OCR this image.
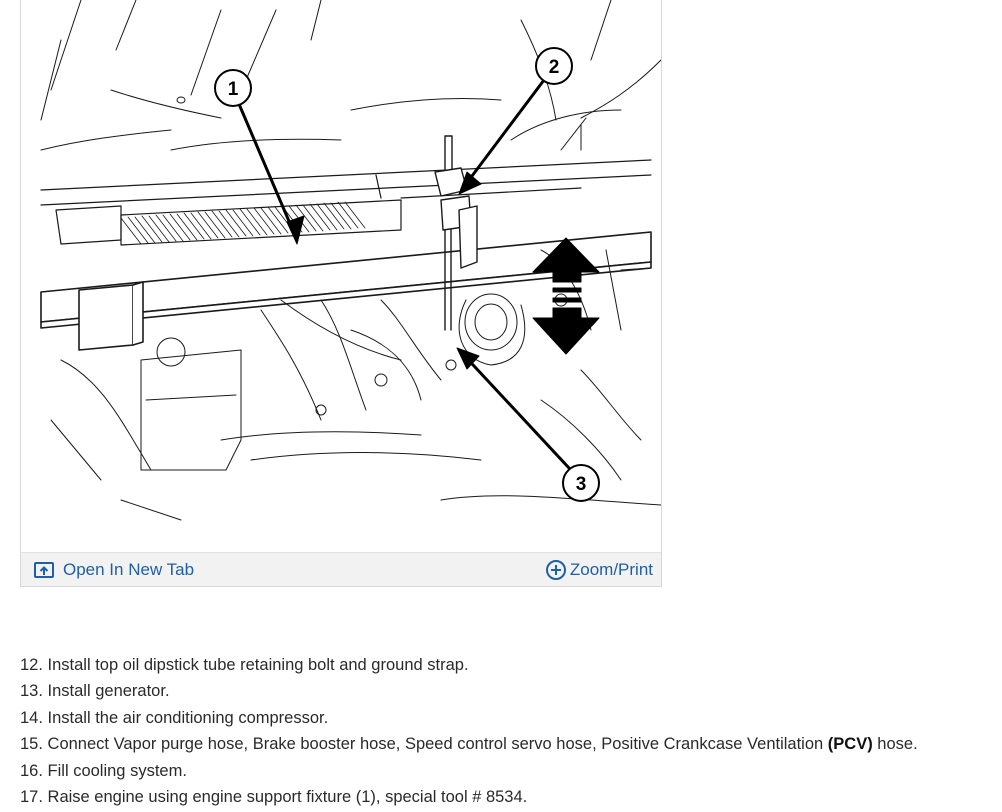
1
2
3
Open In New Tab	Zoom/Print
12. Install top oil dipstick tube retaining bolt and ground strap.
13. Install generator.
14. Install the air conditioning compressor.
15. Connect Vapor purge hose, Brake booster hose, Speed control servo hose, Positive Crankcase Ventilation (PCV) hose.
16. Fill cooling system.
17. Raise engine using engine support fixture (1), special tool # 8534.
